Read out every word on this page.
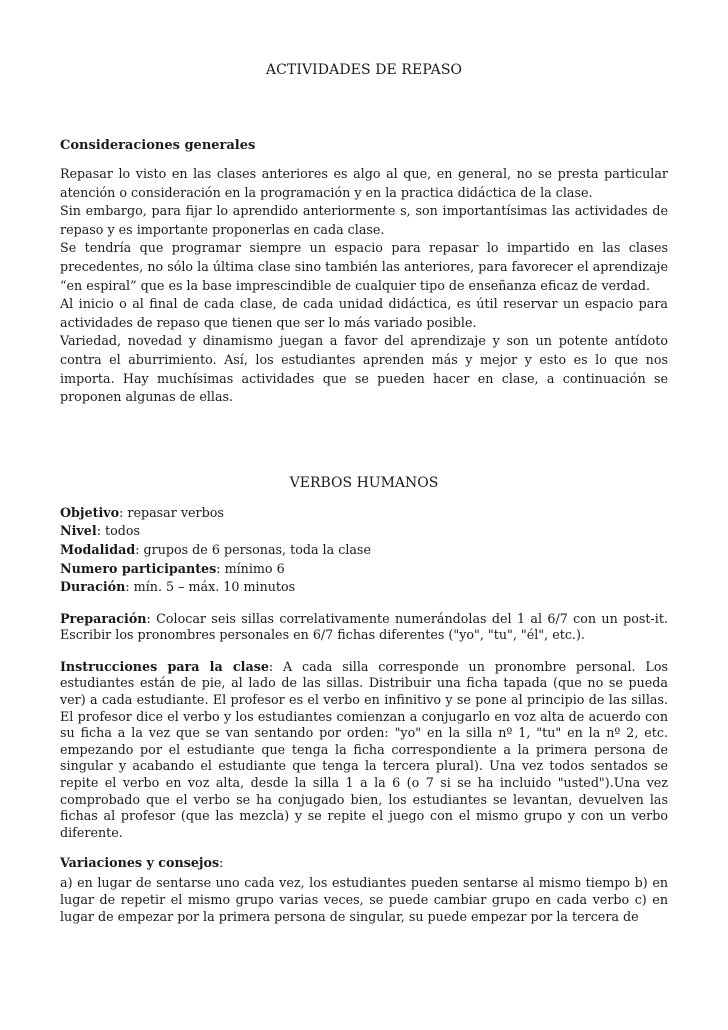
ACTIVIDADES DE REPASO
Consideraciones generales

Repasar lo visto en las clases anteriores es algo al que, en general, no se presta particular atención o consideración en la programación y en la practica didáctica de la clase.

Sin embargo, para fijar lo aprendido anteriormente s, son importantísimas las actividades de repaso y es importante proponerlas en cada clase.

Se tendría que programar siempre un espacio para repasar lo impartido en las clases precedentes, no sólo la última clase sino también las anteriores, para favorecer el aprendizaje “en espiral” que es la base imprescindible de cualquier tipo de enseñanza eficaz de verdad.

Al inicio o al final de cada clase, de cada unidad didáctica, es útil reservar un espacio para actividades de repaso que tienen que ser lo más variado posible.

Variedad, novedad y dinamismo juegan a favor del aprendizaje y son un potente antídoto contra el aburrimiento. Así, los estudiantes aprenden más y mejor y esto es lo que nos importa. Hay muchísimas actividades que se pueden hacer en clase, a continuación se proponen algunas de ellas.

VERBOS HUMANOS

Objetivo: repasar verbos

Nivel: todos

Modalidad: grupos de 6 personas, toda la clase

Numero participantes: mínimo 6

Duración: mín. 5 – máx. 10 minutos

Preparación: Colocar seis sillas correlativamente numerándolas del 1 al 6/7 con un post-it. Escribir los pronombres personales en 6/7 fichas diferentes ("yo", "tu", "él", etc.).

Instrucciones para la clase: A cada silla corresponde un pronombre personal. Los estudiantes están de pie, al lado de las sillas. Distribuir una ficha tapada (que no se pueda ver) a cada estudiante. El profesor es el verbo en infinitivo y se pone al principio de las sillas. El profesor dice el verbo y los estudiantes comienzan a conjugarlo en voz alta de acuerdo con su ficha a la vez que se van sentando por orden: "yo" en la silla nº 1, "tu" en la nº 2, etc. empezando por el estudiante que tenga la ficha correspondiente a la primera persona de singular y acabando el estudiante que tenga la tercera plural). Una vez todos sentados se repite el verbo en voz alta, desde la silla 1 a la 6 (o 7 si se ha incluido "usted").Una vez comprobado que el verbo se ha conjugado bien, los estudiantes se levantan, devuelven las fichas al profesor (que las mezcla) y se repite el juego con el mismo grupo y con un verbo diferente.

Variaciones y consejos:

a) en lugar de sentarse uno cada vez, los estudiantes pueden sentarse al mismo tiempo b) en lugar de repetir el mismo grupo varias veces, se puede cambiar grupo en cada verbo c) en lugar de empezar por la primera persona de singular, su puede empezar por la tercera de
